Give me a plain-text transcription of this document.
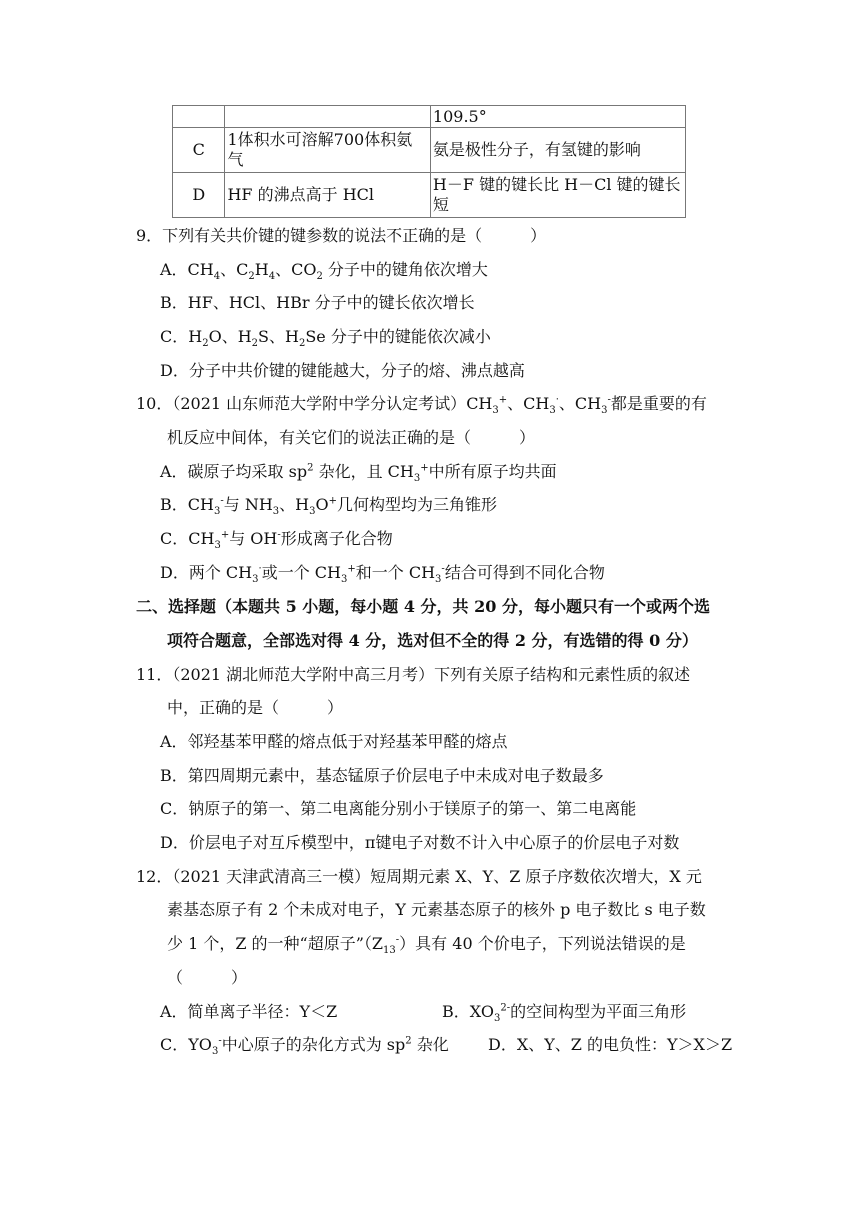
		109.5°
C	1体积水可溶解700体积氨气	氨是极性分子，有氢键的影响
D	HF 的沸点高于 HCl	H－F 键的键长比 H－Cl 键的键长短
9．下列有关共价键的键参数的说法不正确的是（　　　）
A．$CH_4$、$C_2H_4$、$CO_2$ 分子中的键角依次增大
B．HF、HCl、HBr 分子中的键长依次增长
C．$H_2O$、$H_2S$、$H_2Se$ 分子中的键能依次减小
D．分子中共价键的键能越大，分子的熔、沸点越高
10．（2021 山东师范大学附中学分认定考试）$CH_3^+$、$CH_3^\cdot$、$CH_3^-$都是重要的有
机反应中间体，有关它们的说法正确的是（　　　）
A．碳原子均采取 $sp^2$ 杂化，且 $CH_3^+$中所有原子均共面
B．$CH_3^-$与 $NH_3$、$H_3O^+$几何构型均为三角锥形
C．$CH_3^+$与 OH-形成离子化合物
D．两个 $CH_3^\cdot$或一个 $CH_3^+$和一个 $CH_3^-$结合可得到不同化合物
二、选择题（本题共 5 小题，每小题 4 分，共 20 分，每小题只有一个或两个选
项符合题意，全部选对得 4 分，选对但不全的得 2 分，有选错的得 0 分）
11．（2021 湖北师范大学附中高三月考）下列有关原子结构和元素性质的叙述
中，正确的是（　　　）
A．邻羟基苯甲醛的熔点低于对羟基苯甲醛的熔点
B．第四周期元素中，基态锰原子价层电子中未成对电子数最多
C．钠原子的第一、第二电离能分别小于镁原子的第一、第二电离能
D．价层电子对互斥模型中，π键电子对数不计入中心原子的价层电子对数
12．（2021 天津武清高三一模）短周期元素 X、Y、Z 原子序数依次增大，X 元
素基态原子有 2 个未成对电子，Y 元素基态原子的核外 p 电子数比 s 电子数
少 1 个，Z 的一种“超原子$”(Z_{13}^-)$具有 40 个价电子，下列说法错误的是
（　　　）
A．简单离子半径：Y＜Z	B．$XO_3^{2-}$的空间构型为平面三角形
C．$YO_3^-$中心原子的杂化方式为 $sp^2$ 杂化 D．X、Y、Z 的电负性：Y＞X＞Z
